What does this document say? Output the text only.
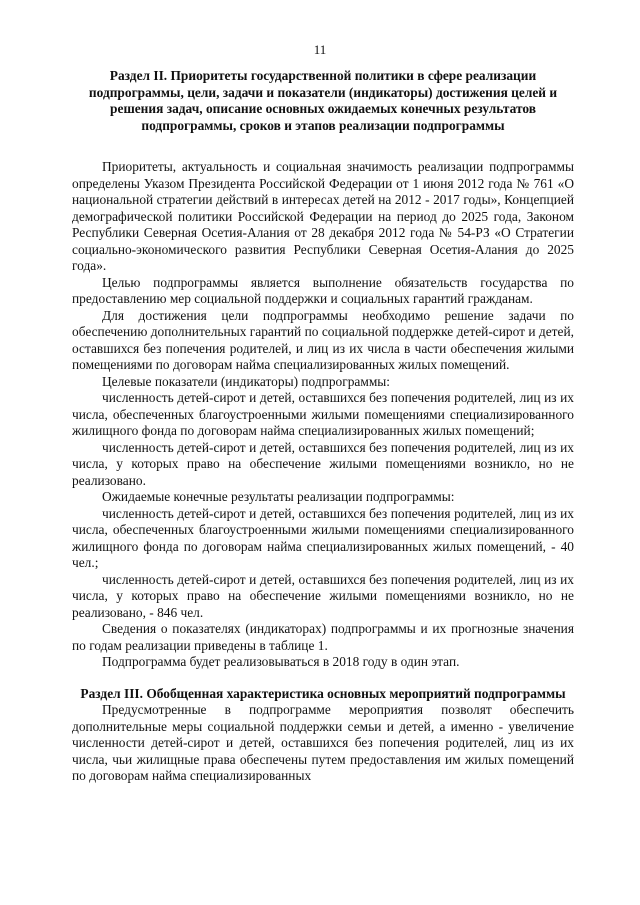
11

Раздел II. Приоритеты государственной политики в сфере реализации подпрограммы, цели, задачи и показатели (индикаторы) достижения целей и решения задач, описание основных ожидаемых конечных результатов подпрограммы, сроков и этапов реализации подпрограммы

Приоритеты, актуальность и социальная значимость реализации подпрограммы определены Указом Президента Российской Федерации от 1 июня 2012 года № 761 «О национальной стратегии действий в интересах детей на 2012 - 2017 годы», Концепцией демографической политики Российской Федерации на период до 2025 года, Законом Республики Северная Осетия-Алания от 28 декабря 2012 года № 54-РЗ «О Стратегии социально-экономического развития Республики Северная Осетия-Алания до 2025 года».

Целью подпрограммы является выполнение обязательств государства по предоставлению мер социальной поддержки и социальных гарантий гражданам.

Для достижения цели подпрограммы необходимо решение задачи по обеспечению дополнительных гарантий по социальной поддержке детей-сирот и детей, оставшихся без попечения родителей, и лиц из их числа в части обеспечения жилыми помещениями по договорам найма специализированных жилых помещений.

Целевые показатели (индикаторы) подпрограммы:

численность детей-сирот и детей, оставшихся без попечения родителей, лиц из их числа, обеспеченных благоустроенными жилыми помещениями специализированного жилищного фонда по договорам найма специализированных жилых помещений;

численность детей-сирот и детей, оставшихся без попечения родителей, лиц из их числа, у которых право на обеспечение жилыми помещениями возникло, но не реализовано.

Ожидаемые конечные результаты реализации подпрограммы:

численность детей-сирот и детей, оставшихся без попечения родителей, лиц из их числа, обеспеченных благоустроенными жилыми помещениями специализированного жилищного фонда по договорам найма специализированных жилых помещений, - 40 чел.;

численность детей-сирот и детей, оставшихся без попечения родителей, лиц из их числа, у которых право на обеспечение жилыми помещениями возникло, но не реализовано, - 846 чел.

Сведения о показателях (индикаторах) подпрограммы и их прогнозные значения по годам реализации приведены в таблице 1.

Подпрограмма будет реализовываться в 2018 году в один этап.

Раздел III. Обобщенная характеристика основных мероприятий подпрограммы

Предусмотренные в подпрограмме мероприятия позволят обеспечить дополнительные меры социальной поддержки семьи и детей, а именно - увеличение численности детей-сирот и детей, оставшихся без попечения родителей, лиц из их числа, чьи жилищные права обеспечены путем предоставления им жилых помещений по договорам найма специализированных
